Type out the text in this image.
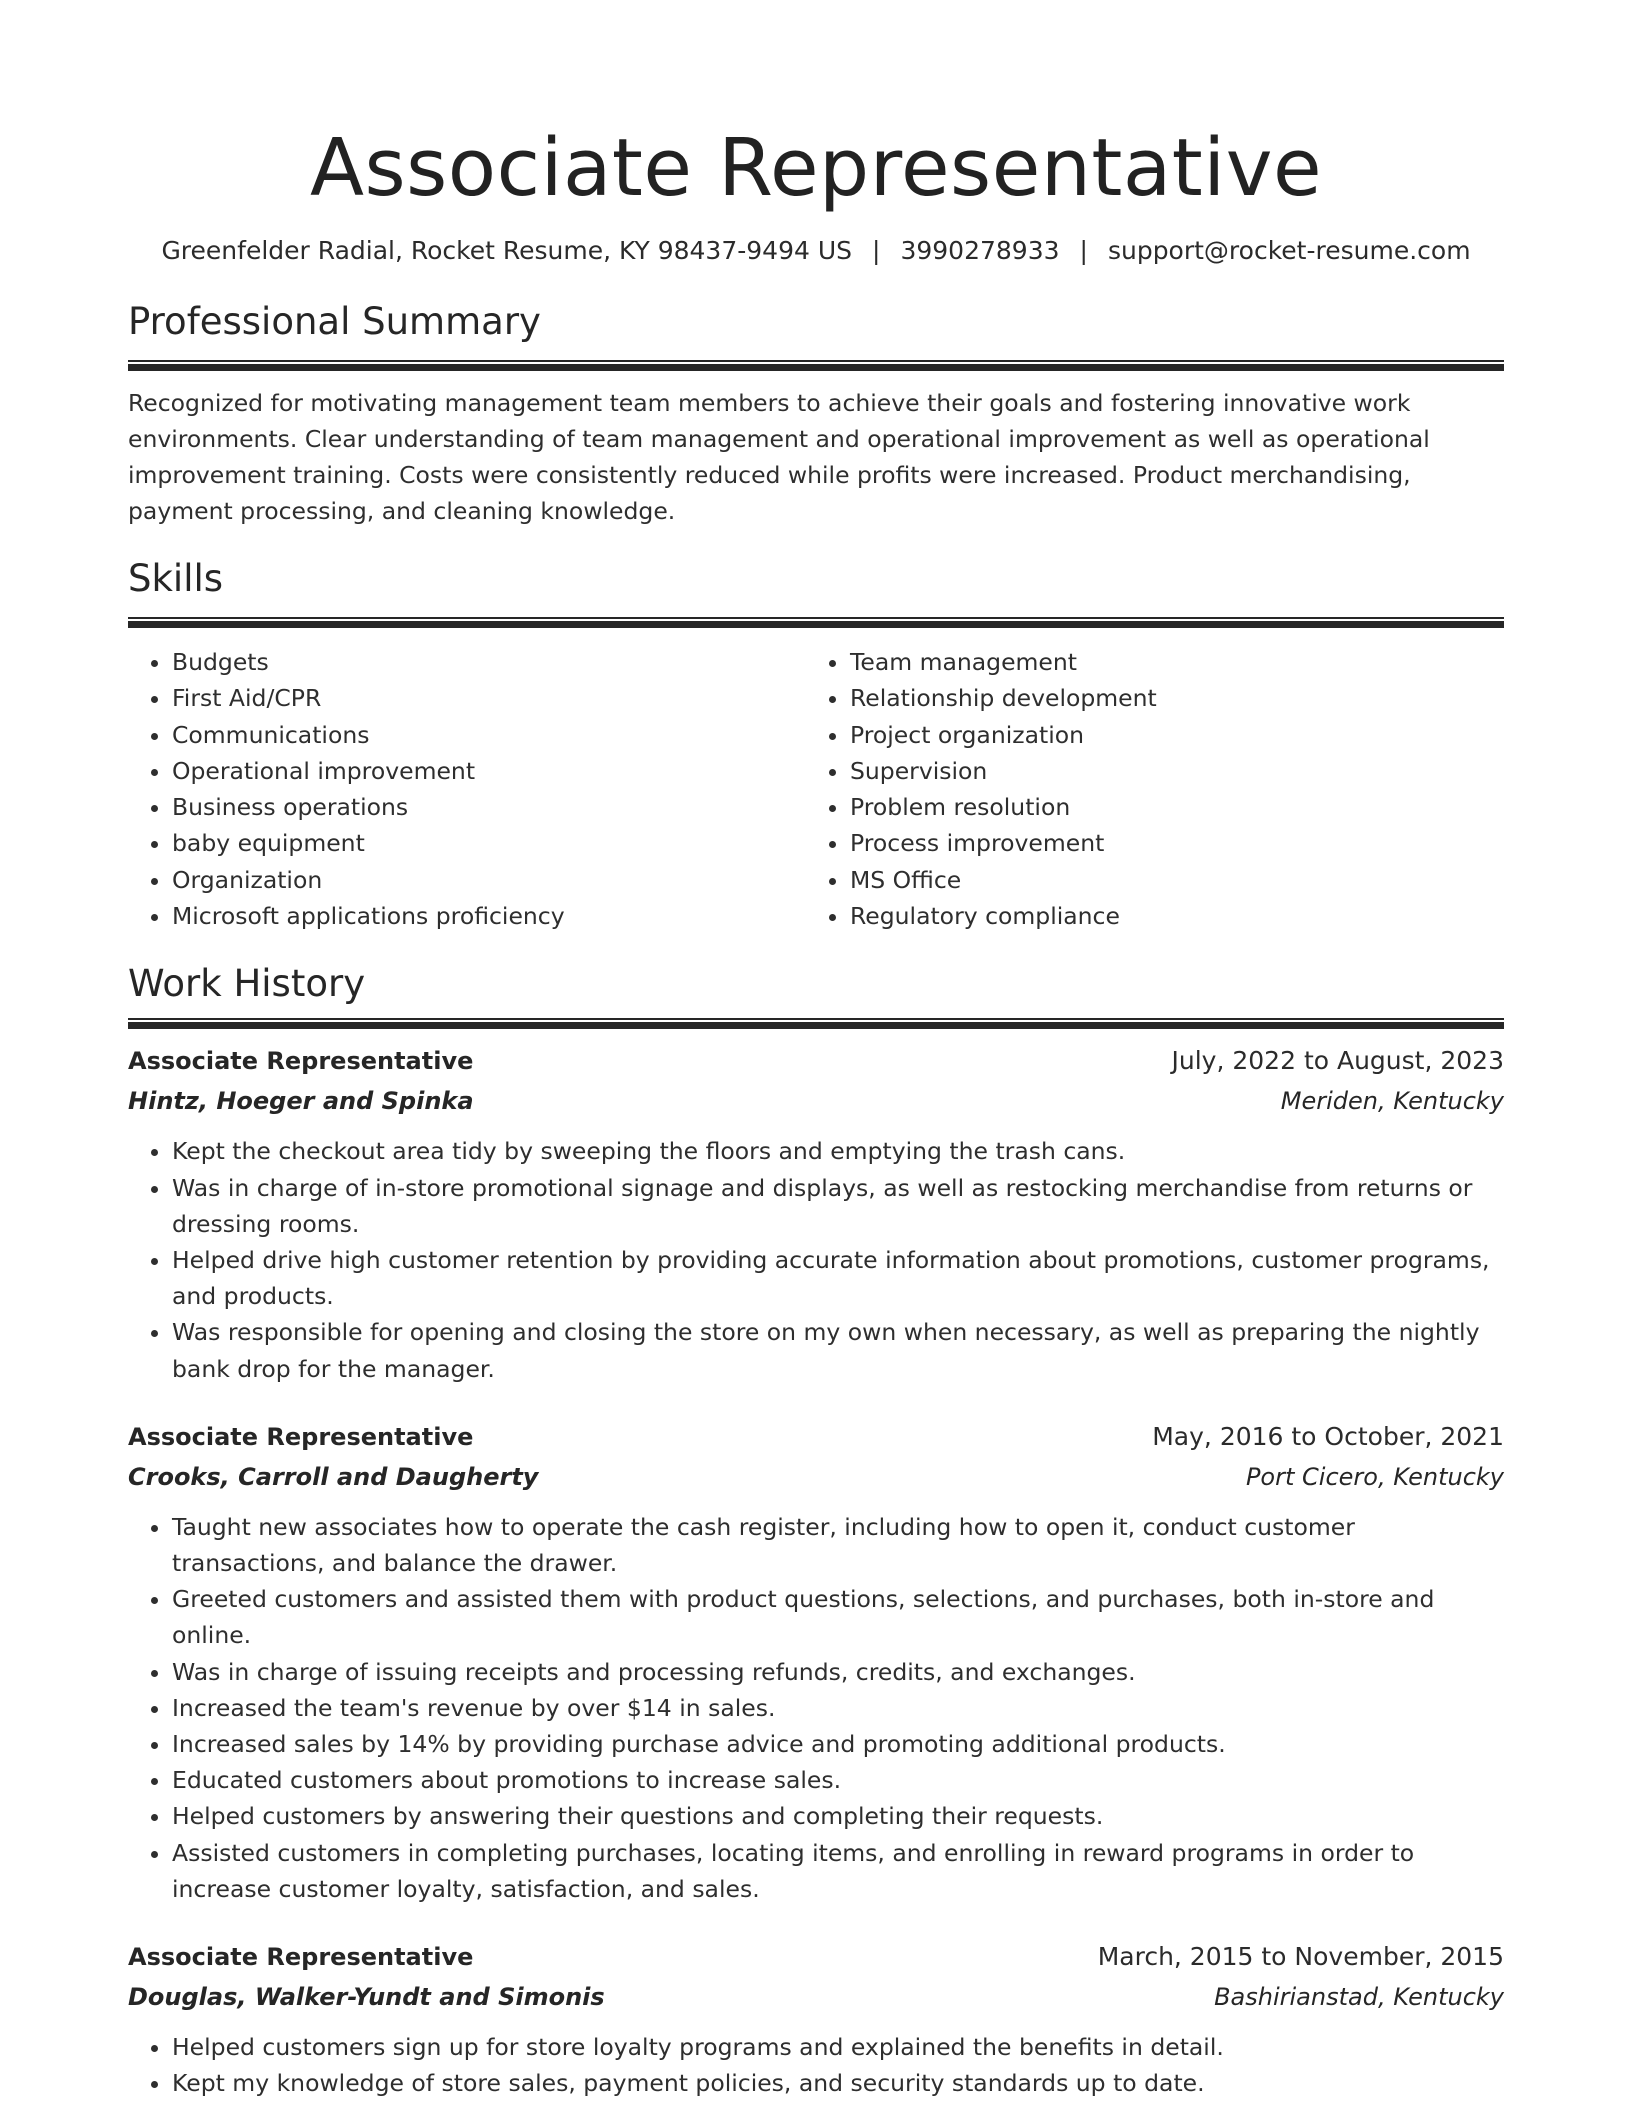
Associate Representative
Greenfelder Radial, Rocket Resume, KY 98437-9494 US | 3990278933 | support@rocket-resume.com
Professional Summary

Recognized for motivating management team members to achieve their goals and fostering innovative work environments. Clear understanding of team management and operational improvement as well as operational improvement training. Costs were consistently reduced while profits were increased. Product merchandising, payment processing, and cleaning knowledge.

Skills
• Budgets
• First Aid/CPR
• Communications
• Operational improvement
• Business operations
• baby equipment
• Organization
• Microsoft applications proficiency
• Team management
• Relationship development
• Project organization
• Supervision
• Problem resolution
• Process improvement
• MS Office
• Regulatory compliance
Work History
Associate Representative	July, 2022 to August, 2023
Hintz, Hoeger and Spinka	Meriden, Kentucky
• Kept the checkout area tidy by sweeping the floors and emptying the trash cans.
• Was in charge of in-store promotional signage and displays, as well as restocking merchandise from returns or dressing rooms.
• Helped drive high customer retention by providing accurate information about promotions, customer programs, and products.
• Was responsible for opening and closing the store on my own when necessary, as well as preparing the nightly bank drop for the manager.
Associate Representative	May, 2016 to October, 2021
Crooks, Carroll and Daugherty	Port Cicero, Kentucky
• Taught new associates how to operate the cash register, including how to open it, conduct customer transactions, and balance the drawer.
• Greeted customers and assisted them with product questions, selections, and purchases, both in-store and online.
• Was in charge of issuing receipts and processing refunds, credits, and exchanges.
• Increased the team's revenue by over $14 in sales.
• Increased sales by 14% by providing purchase advice and promoting additional products.
• Educated customers about promotions to increase sales.
• Helped customers by answering their questions and completing their requests.
• Assisted customers in completing purchases, locating items, and enrolling in reward programs in order to increase customer loyalty, satisfaction, and sales.
Associate Representative	March, 2015 to November, 2015
Douglas, Walker-Yundt and Simonis	Bashirianstad, Kentucky
• Helped customers sign up for store loyalty programs and explained the benefits in detail.
• Kept my knowledge of store sales, payment policies, and security standards up to date.
